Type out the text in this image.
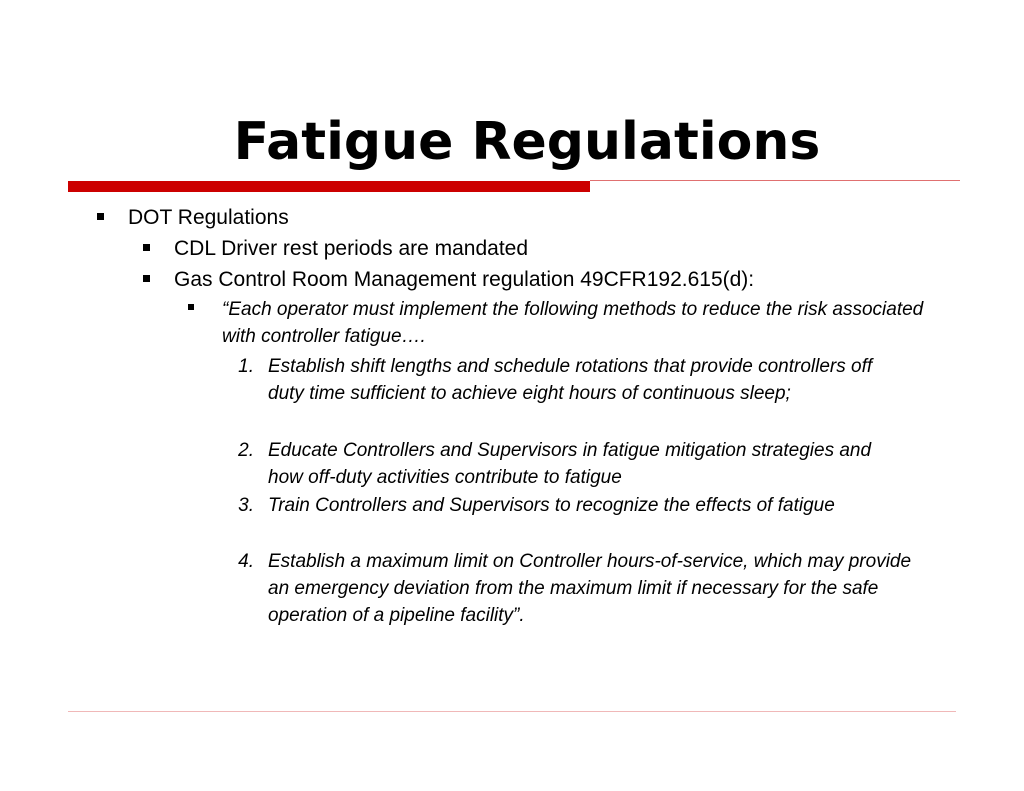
Fatigue Regulations
DOT Regulations
CDL Driver rest periods are mandated
Gas Control Room Management regulation 49CFR192.615(d):
“Each operator must implement the following methods to reduce the risk associated with controller fatigue….
1. Establish shift lengths and schedule rotations that provide controllers off duty time sufficient to achieve eight hours of continuous sleep;
2. Educate Controllers and Supervisors in fatigue mitigation strategies and how off-duty activities contribute to fatigue
3. Train Controllers and Supervisors to recognize the effects of fatigue
4. Establish a maximum limit on Controller hours-of-service, which may provide an emergency deviation from the maximum limit if necessary for the safe operation of a pipeline facility”.
